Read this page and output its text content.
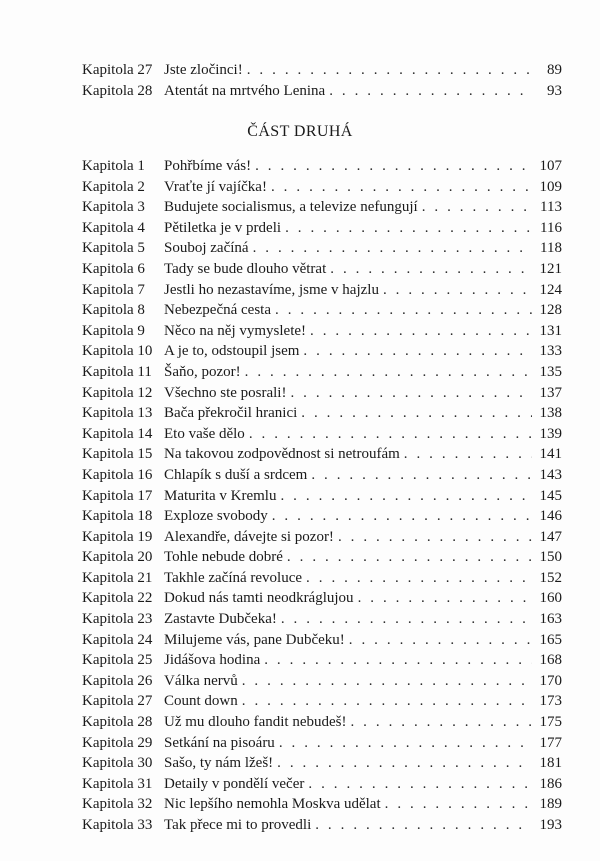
Kapitola 27 Jste zločinci! . . .	89
Kapitola 28 Atentát na mrtvého Lenina . . .	93
ČÁST DRUHÁ
Kapitola 1	Pohřbíme vás! . . .	107
Kapitola 2	Vraťte jí vajíčka! . . .	109
Kapitola 3	Budujete socialismus, a televize nefungují . . .	113
Kapitola 4	Pětiletka je v prdeli . . .	116
Kapitola 5	Souboj začíná . . .	118
Kapitola 6	Tady se bude dlouho větrat . . .	121
Kapitola 7	Jestli ho nezastavíme, jsme v hajzlu . . .	124
Kapitola 8	Nebezpečná cesta . . .	128
Kapitola 9	Něco na něj vymyslete! . . .	131
Kapitola 10 A je to, odstoupil jsem . . .	133
Kapitola 11 Šaňo, pozor! . . .	135
Kapitola 12 Všechno ste posrali! . . .	137
Kapitola 13 Bača překročil hranici . . .	138
Kapitola 14 Eto vaše dělo . . .	139
Kapitola 15 Na takovou zodpovědnost si netroufám . . .	141
Kapitola 16 Chlapík s duší a srdcem . . .	143
Kapitola 17 Maturita v Kremlu . . .	145
Kapitola 18 Exploze svobody . . .	146
Kapitola 19 Alexandře, dávejte si pozor! . . .	147
Kapitola 20 Tohle nebude dobré . . .	150
Kapitola 21 Takhle začíná revoluce . . .	152
Kapitola 22 Dokud nás tamti neodkráglujou . . .	160
Kapitola 23 Zastavte Dubčeka! . . .	163
Kapitola 24 Milujeme vás, pane Dubčeku! . . .	165
Kapitola 25 Jidášova hodina . . .	168
Kapitola 26 Válka nervů . . .	170
Kapitola 27 Count down . . .	173
Kapitola 28 Už mu dlouho fandit nebudeš! . . .	175
Kapitola 29 Setkání na pisoáru . . .	177
Kapitola 30 Sašo, ty nám lžeš! . . .	181
Kapitola 31 Detaily v pondělí večer . . .	186
Kapitola 32 Nic lepšího nemohla Moskva udělat . . .	189
Kapitola 33 Tak přece mi to provedli . . .	193
